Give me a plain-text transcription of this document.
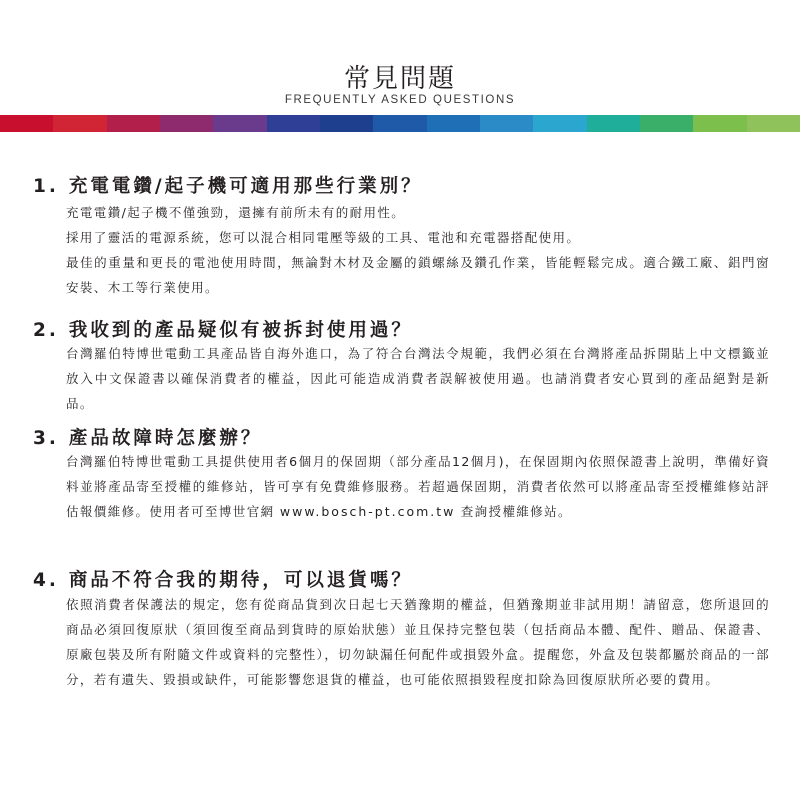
常見問題
FREQUENTLY ASKED QUESTIONS
1. 充電電鑽/起子機可適用那些行業別？

充電電鑽/起子機不僅強勁，還擁有前所未有的耐用性。

採用了靈活的電源系統，您可以混合相同電壓等級的工具、電池和充電器搭配使用。

最佳的重量和更長的電池使用時間，無論對木材及金屬的鎖螺絲及鑽孔作業，皆能輕鬆完成。適合鐵工廠、鋁門窗安裝、木工等行業使用。

2. 我收到的產品疑似有被拆封使用過？

台灣羅伯特博世電動工具產品皆自海外進口，為了符合台灣法令規範，我們必須在台灣將產品拆開貼上中文標籤並放入中文保證書以確保消費者的權益，因此可能造成消費者誤解被使用過。也請消費者安心買到的產品絕對是新品。

3. 產品故障時怎麼辦？

台灣羅伯特博世電動工具提供使用者6個月的保固期（部分產品12個月)，在保固期內依照保證書上說明，準備好資料並將產品寄至授權的維修站，皆可享有免費維修服務。若超過保固期，消費者依然可以將產品寄至授權維修站評估報價維修。使用者可至博世官網 www.bosch-pt.com.tw 查詢授權維修站。

4. 商品不符合我的期待，可以退貨嗎？

依照消費者保護法的規定，您有從商品貨到次日起七天猶豫期的權益，但猶豫期並非試用期！請留意，您所退回的商品必須回復原狀（須回復至商品到貨時的原始狀態）並且保持完整包裝（包括商品本體、配件、贈品、保證書、原廠包裝及所有附隨文件或資料的完整性），切勿缺漏任何配件或損毀外盒。提醒您，外盒及包裝都屬於商品的一部分，若有遺失、毀損或缺件，可能影響您退貨的權益，也可能依照損毀程度扣除為回復原狀所必要的費用。
